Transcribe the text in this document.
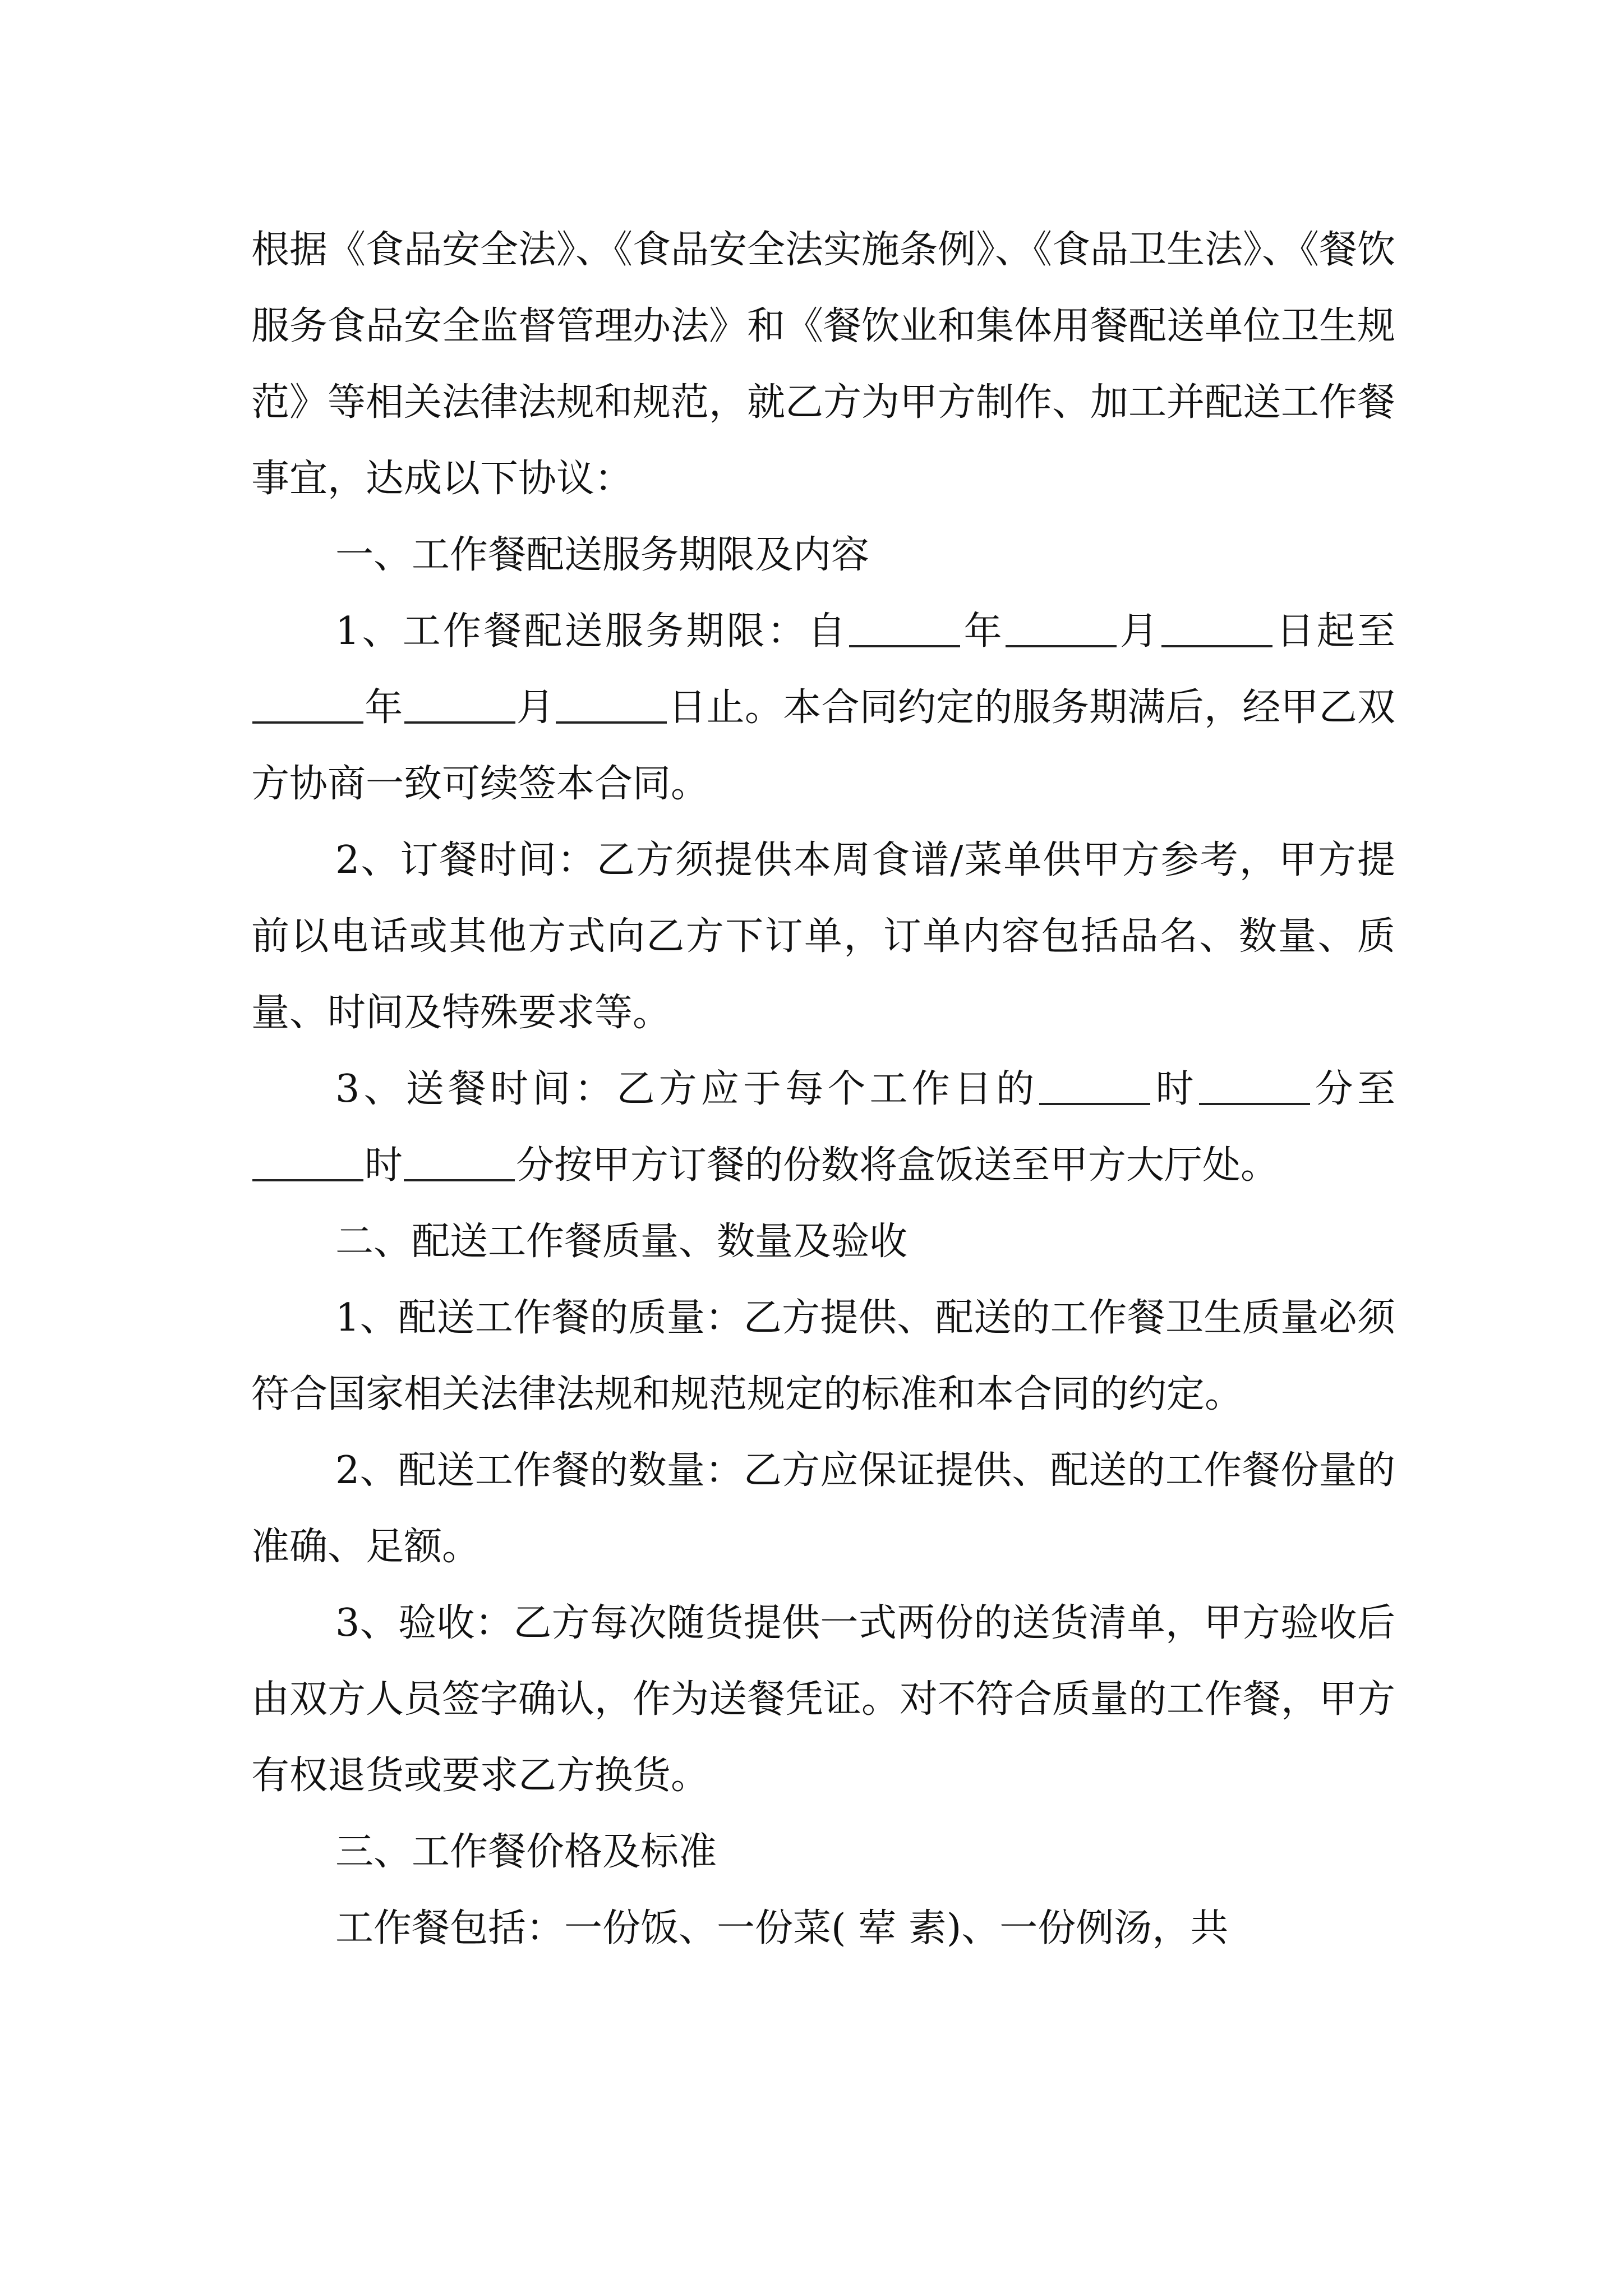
根据《食品安全法》、《食品安全法实施条例》、《食品卫生法》、《餐饮服务食品安全监督管理办法》和《餐饮业和集体用餐配送单位卫生规范》等相关法律法规和规范，就乙方为甲方制作、加工并配送工作餐事宜，达成以下协议：

一、工作餐配送服务期限及内容

1、工作餐配送服务期限：自	年	月	日起至年	月	日止。本合同约定的服务期满后，经甲乙双方协商一致可续签本合同。

2、订餐时间：乙方须提供本周食谱/菜单供甲方参考，甲方提前以电话或其他方式向乙方下订单，订单内容包括品名、数量、质量、时间及特殊要求等。

3、送餐时间：乙方应于每个工作日的	时	分至时	分按甲方订餐的份数将盒饭送至甲方大厅处。

二、配送工作餐质量、数量及验收

1、配送工作餐的质量：乙方提供、配送的工作餐卫生质量必须符合国家相关法律法规和规范规定的标准和本合同的约定。

2、配送工作餐的数量：乙方应保证提供、配送的工作餐份量的准确、足额。

3、验收：乙方每次随货提供一式两份的送货清单，甲方验收后由双方人员签字确认，作为送餐凭证。对不符合质量的工作餐，甲方有权退货或要求乙方换货。

三、工作餐价格及标准

工作餐包括：一份饭、一份菜( 荤 素)、一份例汤，共
